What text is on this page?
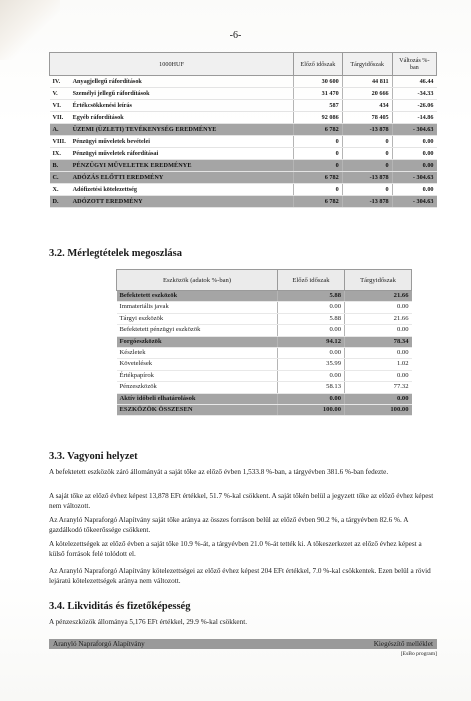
-6-
1000HUF		Előző időszak	Tárgyidőszak	Változás %-ban
IV.	Anyagjellegű ráfordítások	30 600	44 811	46.44
V.	Személyi jellegű ráfordítások	31 470	20 666	-34.33
VI.	Értékcsökkenési leírás	587	434	-26.06
VII.	Egyéb ráfordítások	92 086	78 405	-14.86
A.	ÜZEMI (ÜZLETI) TEVÉKENYSÉG EREDMÉNYE	6 782	-13 878	- 304.63
VIII.	Pénzügyi műveletek bevételei	0	0	0.00
IX.	Pénzügyi műveletek ráfordításai	0	0	0.00
B.	PÉNZÜGYI MŰVELETEK EREDMÉNYE	0	0	0.00
C.	ADÓZÁS ELŐTTI EREDMÉNY	6 782	-13 878	- 304.63
X.	Adófizetési kötelezettség	0	0	0.00
D.	ADÓZOTT EREDMÉNY	6 782	-13 878	- 304.63
3.2. Mérlegtételek megoszlása
Eszközök (adatok %-ban)	Előző időszak	Tárgyidőszak
Befektetett eszközök	5.88	21.66
Immateriális javak	0.00	0.00
Tárgyi eszközök	5.88	21.66
Befektetett pénzügyi eszközök	0.00	0.00
Forgóeszközök	94.12	78.34
Készletek	0.00	0.00
Követelések	35.99	1.02
Értékpapírok	0.00	0.00
Pénzeszközök	58.13	77.32
Aktív időbeli elhatárolások	0.00	0.00
ESZKÖZÖK ÖSSZESEN	100.00	100.00
3.3. Vagyoni helyzet
A befektetett eszközök záró állományát a saját tőke az előző évben 1,533.8 %-ban, a tárgyévben 381.6 %-ban fedezte.
A saját tőke az előző évhez képest 13,878 EFt értékkel, 51.7 %-kal csökkent. A saját tőkén belül a jegyzett tőke az előző évhez képest nem változott.
Az Aranyló Napraforgó Alapítvány saját tőke aránya az összes forráson belül az előző évben 90.2 %, a tárgyévben 82.6 %. A gazdálkodó tőkeerőssége csökkent.
A kötelezettségek az előző évben a saját tőke 10.9 %-át, a tárgyévben 21.0 %-át tették ki. A tőkeszerkezet az előző évhez képest a külső források felé tolódott el.
Az Aranyló Napraforgó Alapítvány kötelezettségei az előző évhez képest 204 EFt értékkel, 7.0 %-kal csökkentek. Ezen belül a rövid lejáratú kötelezettségek aránya nem változott.
3.4. Likviditás és fizetőképesség
A pénzeszközök állománya 5,176 EFt értékkel, 29.9 %-kal csökkent.
Aranyló Napraforgó Alapítvány	Kiegészítő melléklet
[EsBo program]
